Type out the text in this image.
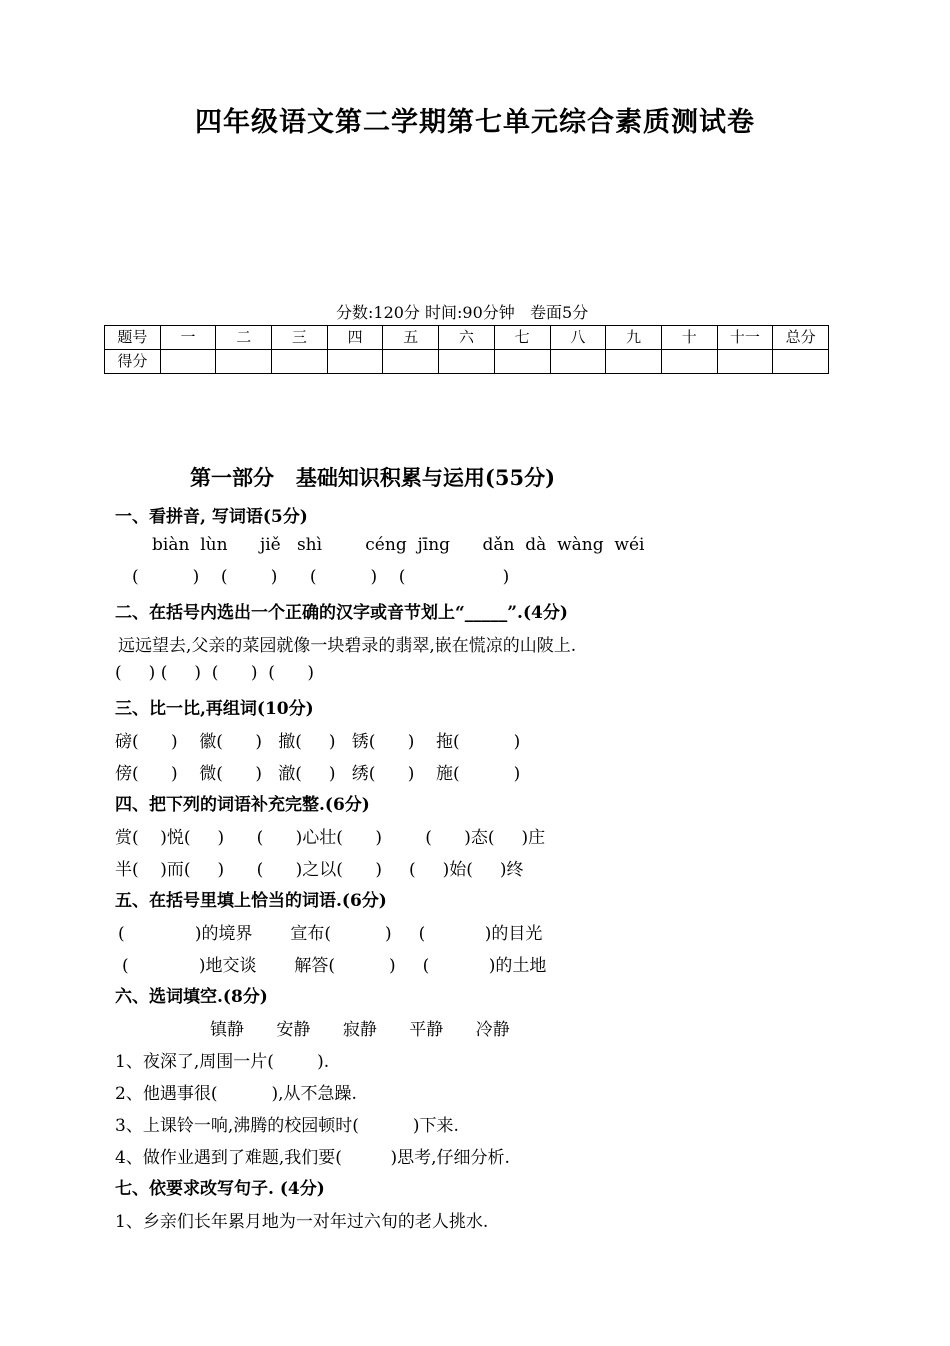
四年级语文第二学期第七单元综合素质测试卷
分数:120分 时间:90分钟   卷面5分
题号	一	二	三	四	五	六	七	八	九	十	十一	总分
得分												
第一部分   基础知识积累与运用(55分)
一、看拼音, 写词语(5分)
biàn  lùn      jiě   shì        céng  jīng      dǎn  dà  wàng  wéi
(          )    (        )      (          )    (                  )
二、在括号内选出一个正确的汉字或音节划上“_____”.(4分)
远远望去,父亲的菜园就像一块碧录的翡翠,嵌在慌凉的山陂上.
(     ) (     )  (      )  (      )
三、比一比,再组词(10分)
磅(      )    徽(      )   撤(     )   锈(      )    拖(          )
傍(      )    微(      )   澈(     )   绣(      )    施(          )
四、把下列的词语补充完整.(6分)
赏(    )悦(     )      (      )心壮(      )        (      )态(     )庄
半(    )而(     )      (      )之以(      )     (     )始(     )终
五、在括号里填上恰当的词语.(6分)
(             )的境界       宣布(          )     (           )的目光
(             )地交谈       解答(          )     (           )的土地
六、选词填空.(8分)
镇静      安静      寂静      平静      冷静
1、夜深了,周围一片(        ).
2、他遇事很(          ),从不急躁.
3、上课铃一响,沸腾的校园顿时(          )下来.
4、做作业遇到了难题,我们要(         )思考,仔细分析.
七、依要求改写句子. (4分)
1、乡亲们长年累月地为一对年过六旬的老人挑水.
